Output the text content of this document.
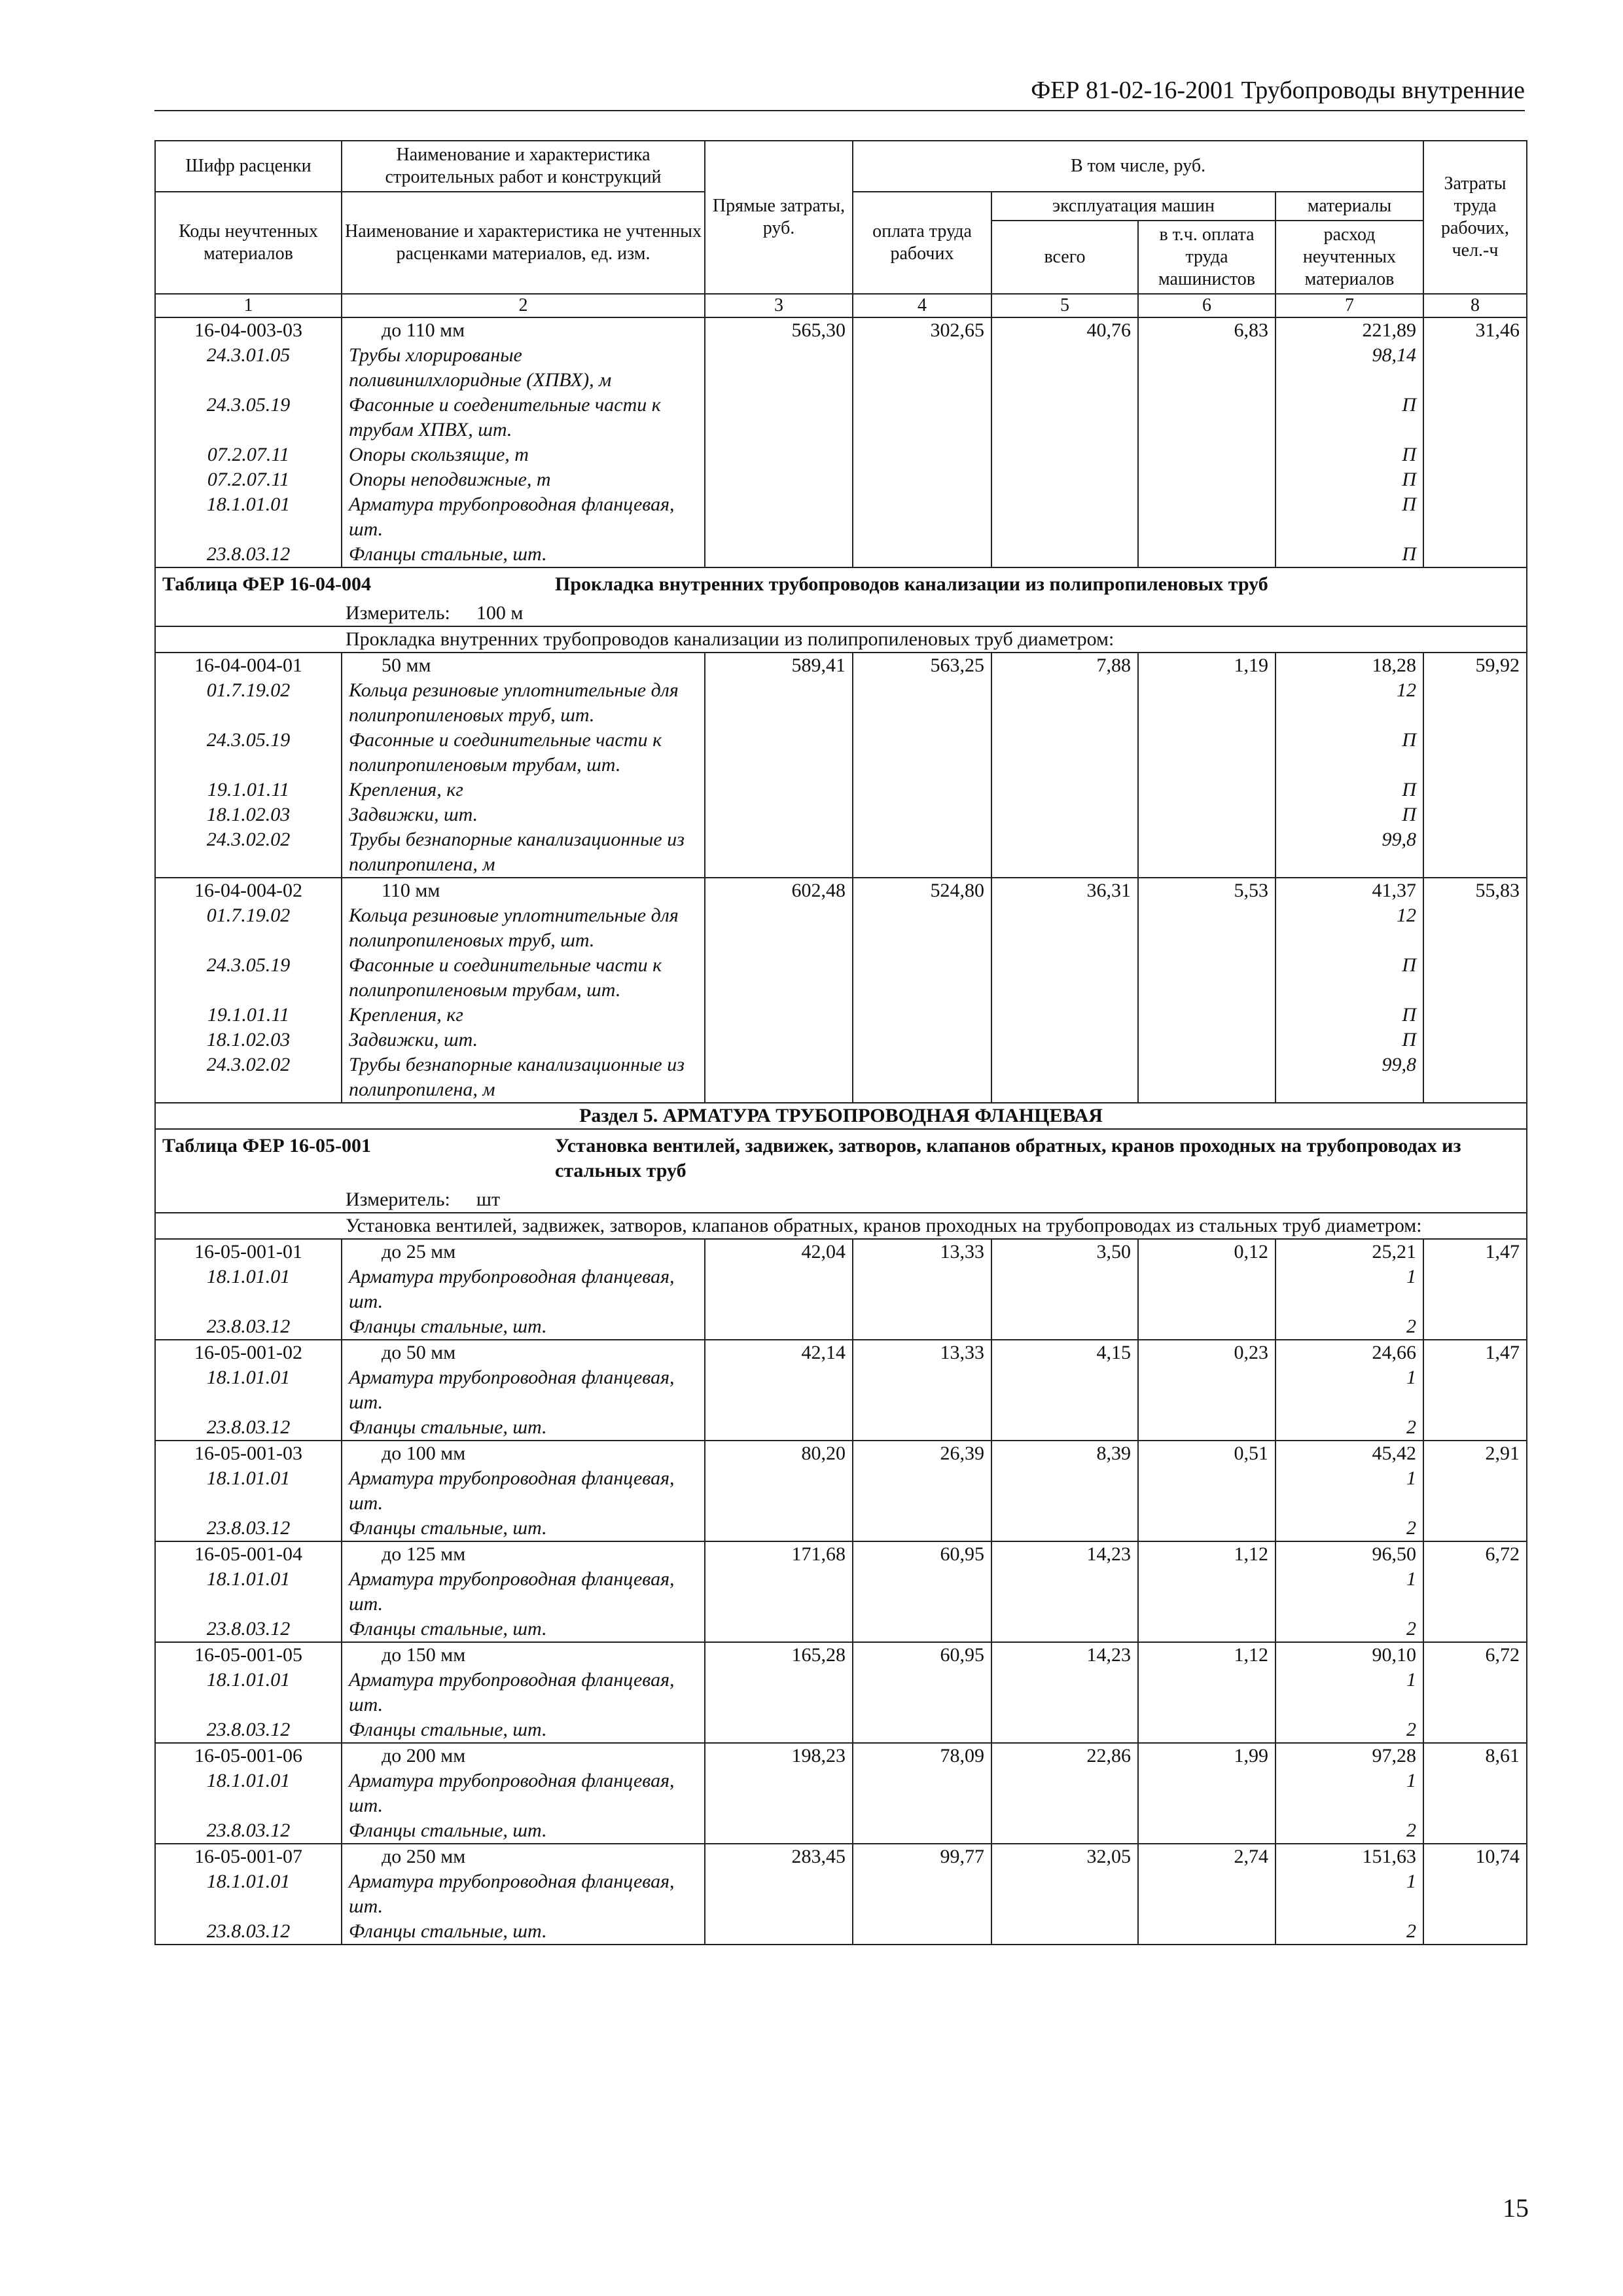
ФЕР 81-02-16-2001 Трубопроводы внутренние
Шифр расценки	Наименование и характеристика строительных работ и конструкций	Прямые затраты, руб.	В том числе, руб.				Затраты труда рабочих, чел.-ч
Коды неучтенных материалов	Наименование и характеристика не учтенных расценками материалов, ед. изм.		оплата труда рабочих	эксплуатация машин		материалы	
				всего	в т.ч. оплата труда машинистов	расход неучтенных материалов	
1	2	3	4	5	6	7	8
16-04-003-03	до 110 мм	565,30	302,65	40,76	6,83	221,89	31,46
24.3.01.05	Трубы хлорированые поливинилхлоридные (ХПВХ), м					98,14	
24.3.05.19	Фасонные и соеденительные части к трубам ХПВХ, шт.					П	
07.2.07.11	Опоры скользящие, т					П	
07.2.07.11	Опоры неподвижные, т					П	
18.1.01.01	Арматура трубопроводная фланцевая, шт.					П	
23.8.03.12	Фланцы стальные, шт.					П	
Таблица ФЕР 16-04-004 Прокладка внутренних трубопроводов канализации из полипропиленовых труб							
Измеритель: 100 м							
Прокладка внутренних трубопроводов канализации из полипропиленовых труб диаметром:							
16-04-004-01	50 мм	589,41	563,25	7,88	1,19	18,28	59,92
01.7.19.02	Кольца резиновые уплотнительные для полипропиленовых труб, шт.					12	
24.3.05.19	Фасонные и соединительные части к полипропиленовым трубам, шт.					П	
19.1.01.11	Крепления, кг					П	
18.1.02.03	Задвижки, шт.					П	
24.3.02.02	Трубы безнапорные канализационные из полипропилена, м					99,8	
16-04-004-02	110 мм	602,48	524,80	36,31	5,53	41,37	55,83
01.7.19.02	Кольца резиновые уплотнительные для полипропиленовых труб, шт.					12	
24.3.05.19	Фасонные и соединительные части к полипропиленовым трубам, шт.					П	
19.1.01.11	Крепления, кг					П	
18.1.02.03	Задвижки, шт.					П	
24.3.02.02	Трубы безнапорные канализационные из полипропилена, м					99,8	
Раздел 5. АРМАТУРА ТРУБОПРОВОДНАЯ ФЛАНЦЕВАЯ							
Таблица ФЕР 16-05-001 Установка вентилей, задвижек, затворов, клапанов обратных, кранов проходных на трубопроводах из стальных труб							
Измеритель: шт							
Установка вентилей, задвижек, затворов, клапанов обратных, кранов проходных на трубопроводах из стальных труб диаметром:							
16-05-001-01	до 25 мм	42,04	13,33	3,50	0,12	25,21	1,47
18.1.01.01	Арматура трубопроводная фланцевая, шт.					1	
23.8.03.12	Фланцы стальные, шт.					2	
16-05-001-02	до 50 мм	42,14	13,33	4,15	0,23	24,66	1,47
18.1.01.01	Арматура трубопроводная фланцевая, шт.					1	
23.8.03.12	Фланцы стальные, шт.					2	
16-05-001-03	до 100 мм	80,20	26,39	8,39	0,51	45,42	2,91
18.1.01.01	Арматура трубопроводная фланцевая, шт.					1	
23.8.03.12	Фланцы стальные, шт.					2	
16-05-001-04	до 125 мм	171,68	60,95	14,23	1,12	96,50	6,72
18.1.01.01	Арматура трубопроводная фланцевая, шт.					1	
23.8.03.12	Фланцы стальные, шт.					2	
16-05-001-05	до 150 мм	165,28	60,95	14,23	1,12	90,10	6,72
18.1.01.01	Арматура трубопроводная фланцевая, шт.					1	
23.8.03.12	Фланцы стальные, шт.					2	
16-05-001-06	до 200 мм	198,23	78,09	22,86	1,99	97,28	8,61
18.1.01.01	Арматура трубопроводная фланцевая, шт.					1	
23.8.03.12	Фланцы стальные, шт.					2	
16-05-001-07	до 250 мм	283,45	99,77	32,05	2,74	151,63	10,74
18.1.01.01	Арматура трубопроводная фланцевая, шт.					1	
23.8.03.12	Фланцы стальные, шт.					2	
15
